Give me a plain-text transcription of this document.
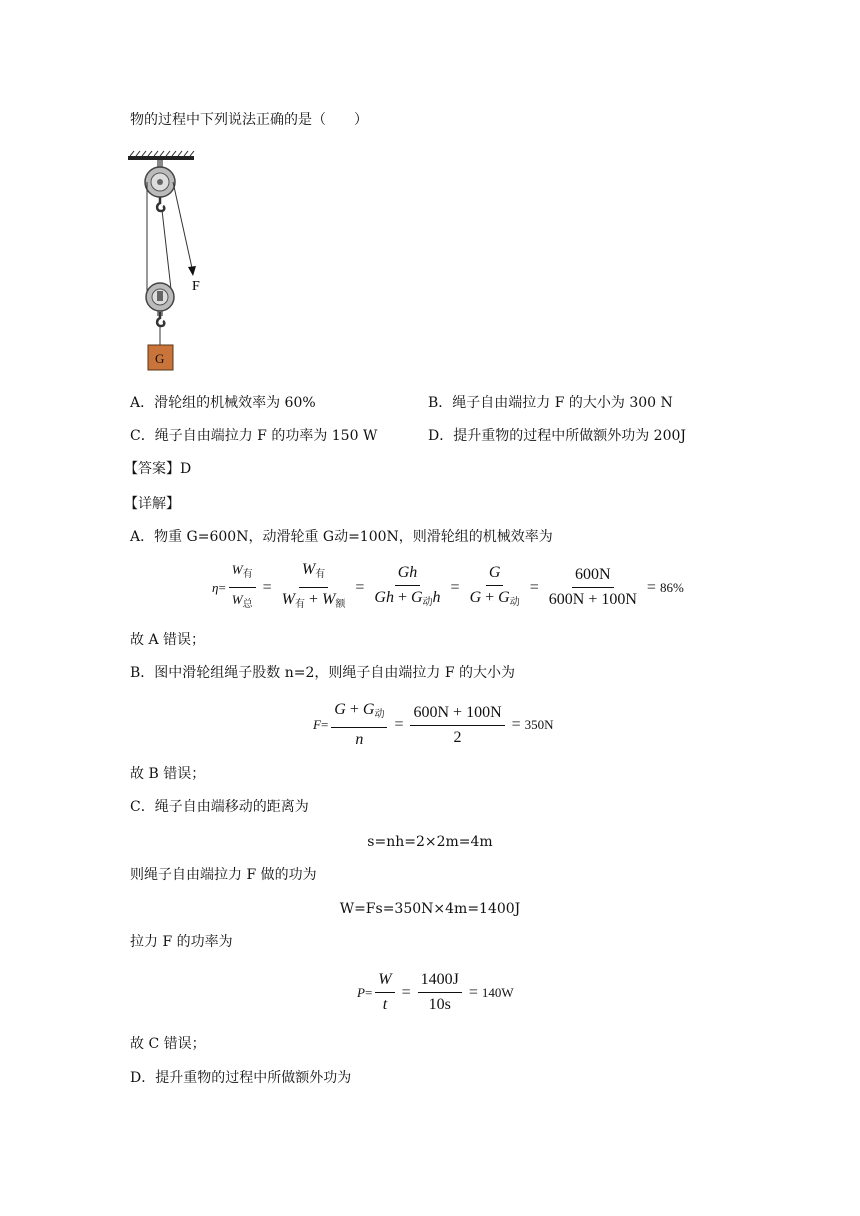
物的过程中下列说法正确的是（　　）
F
G
A．滑轮组的机械效率为 60%	B．绳子自由端拉力 F 的大小为 300 N
C．绳子自由端拉力 F 的功率为 150 W	D．提升重物的过程中所做额外功为 200J
【答案】D
【详解】
A．物重 G=600N，动滑轮重 G动=100N，则滑轮组的机械效率为
$\eta = \frac{W_有}{W_总} = \frac{W_有}{W_有 + W_额} = \frac{Gh}{Gh + G_动h} = \frac{G}{G + G_动} = \frac{600N}{600N + 100N} = 86\%$
故 A 错误；
B．图中滑轮组绳子股数 n=2，则绳子自由端拉力 F 的大小为
$F = \frac{G + G_动}{n} = \frac{600N + 100N}{2} = 350N$
故 B 错误；
C．绳子自由端移动的距离为
s=nh=2×2m=4m
则绳子自由端拉力 F 做的功为
W=Fs=350N×4m=1400J
拉力 F 的功率为
$P = \frac{W}{t} = \frac{1400J}{10s} = 140W$
故 C 错误；
D．提升重物的过程中所做额外功为
